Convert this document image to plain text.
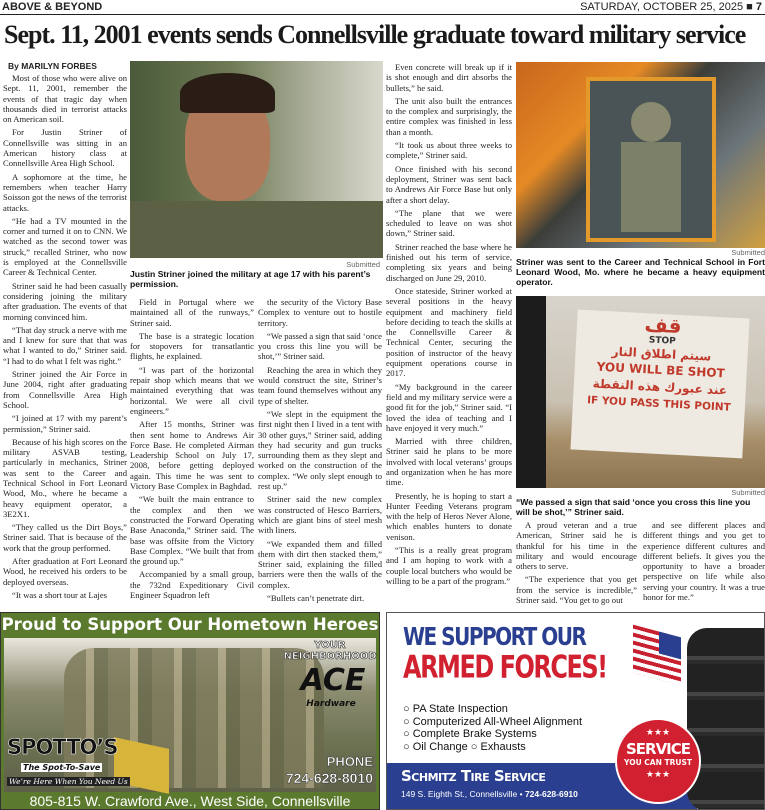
ABOVE & BEYOND	SATURDAY, OCTOBER 25, 2025 ■ 7
Sept. 11, 2001 events sends Connellsville graduate toward military service
By MARILYN FORBES

Most of those who were alive on Sept. 11, 2001, remember the events of that tragic day when thousands died in terrorist attacks on American soil.

For Justin Striner of Connellsville was sitting in an American history class at Connellsville Area High School.

A sophomore at the time, he remembers when teacher Harry Soisson got the news of the terrorist attacks.

“He had a TV mounted in the corner and turned it on to CNN. We watched as the second tower was struck,” recalled Striner, who now is employed at the Connellsville Career & Technical Center.

Striner said he had been casually considering joining the military after graduation. The events of that morning convinced him.

“That day struck a nerve with me and I knew for sure that that was what I wanted to do,” Striner said. “I had to do what I felt was right.”

Striner joined the Air Force in June 2004, right after graduating from Connellsville Area High School.

“I joined at 17 with my parent’s permission,” Striner said.

Because of his high scores on the military ASVAB testing, particularly in mechanics, Striner was sent to the Career and Technical School in Fort Leonard Wood, Mo., where he became a heavy equipment operator, a 3E2X1.

“They called us the Dirt Boys,” Striner said. That is because of the work that the group performed.

After graduation at Fort Leonard Wood, he received his orders to be deployed overseas.

“It was a short tour at Lajes

Submitted
Justin Striner joined the military at age 17 with his parent’s permission.

Field in Portugal where we maintained all of the runways,” Striner said.

The base is a strategic location for stopovers for transatlantic flights, he explained.

“I was part of the horizontal repair shop which means that we maintained everything that was horizontal. We were all civil engineers.”

After 15 months, Striner was then sent home to Andrews Air Force Base. He completed Airman Leadership School on July 17, 2008, before getting deployed again. This time he was sent to Victory Base Complex in Baghdad.

“We built the main entrance to the complex and then we constructed the Forward Operating Base Anaconda,” Striner said. The base was offsite from the Victory Base Complex. “We built that from the ground up.”

Accompanied by a small group, the 732nd Expeditionary Civil Engineer Squadron left

the security of the Victory Base Complex to venture out to hostile territory.

“We passed a sign that said ‘once you cross this line you will be shot,’” Striner said.

Reaching the area in which they would construct the site, Striner’s team found themselves without any type of shelter.

“We slept in the equipment the first night then I lived in a tent with 30 other guys,” Striner said, adding they had security and gun trucks surrounding them as they slept and worked on the construction of the complex. “We only slept enough to rest up.”

Striner said the new complex was constructed of Hesco Barriers, which are giant bins of steel mesh with liners.

“We expanded them and filled them with dirt then stacked them,” Striner said, explaining the filled barriers were then the walls of the complex.

“Bullets can’t penetrate dirt.

Even concrete will break up if it is shot enough and dirt absorbs the bullets,” he said.

The unit also built the entrances to the complex and surprisingly, the entire complex was finished in less than a month.

“It took us about three weeks to complete,” Striner said.

Once finished with his second deployment, Striner was sent back to Andrews Air Force Base but only after a short delay.

“The plane that we were scheduled to leave on was shot down,” Striner said.

Striner reached the base where he finished out his term of service, completing six years and being discharged on June 29, 2010.

Once stateside, Striner worked at several positions in the heavy equipment and machinery field before deciding to teach the skills at the Connellsville Career & Technical Center, securing the position of instructor of the heavy equipment operations course in 2017.

“My background in the career field and my military service were a good fit for the job,” Striner said. “I loved the idea of teaching and I have enjoyed it very much.”

Married with three children, Striner said he plans to be more involved with local veterans’ groups and organization when he has more time.

Presently, he is hoping to start a Hunter Feeding Veterans program with the help of Heros Never Alone, which enables hunters to donate venison.

“This is a really great program and I am hoping to work with a couple local butchers who would be willing to be a part of the program.”

Submitted
Striner was sent to the Career and Technical School in Fort Leonard Wood, Mo. where he became a heavy equipment operator.
قف
STOP
سيتم اطلاق النار
YOU WILL BE SHOT
عند عبورك هذه النقطة
IF YOU PASS THIS POINT
Submitted
“We passed a sign that said ‘once you cross this line you will be shot,’” Striner said.

A proud veteran and a true American, Striner said he is thankful for his time in the military and would encourage others to serve.

“The experience that you get from the service is incredible,” Striner said. “You get to go out

and see different places and different things and you get to experience different cultures and different beliefs. It gives you the opportunity to have a broader perspective on life while also serving your country. It was a true honor for me.”

Proud to Support Our Hometown Heroes
YOUR NEIGHBORHOOD
ACE
Hardware
SPOTTO’S
The Spot-To-Save
We’re Here When You Need Us
PHONE
724-628-8010
805-815 W. Crawford Ave., West Side, Connellsville
WE SUPPORT OUR
ARMED FORCES!
○ PA State Inspection
○ Computerized All-Wheel Alignment
○ Complete Brake Systems
○ Oil Change ○ Exhausts
Schmitz Tire Service
149 S. Eighth St., Connellsville • 724-628-6910
★★★
SERVICE
YOU CAN TRUST
★★★
